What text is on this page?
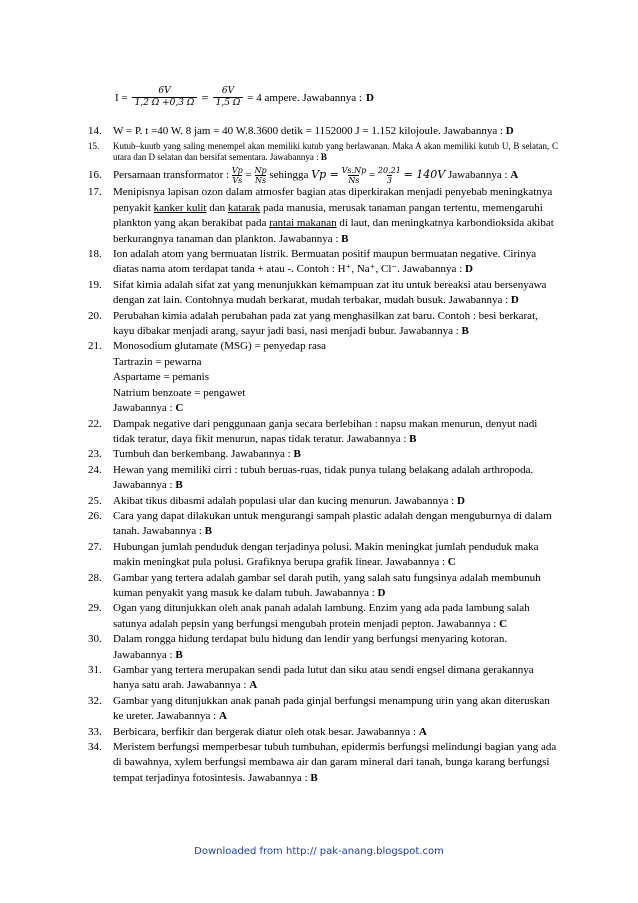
$I = \frac{6V}{1,2 \Omega +0,3 \Omega} = \frac{6V}{1,5 \Omega} = 4$ ampere. Jawabannya : D
14.	W = P. t =40 W. 8 jam = 40 W.8.3600 detik = 1152000 J = 1.152 kilojoule. Jawabannya : D
15.	Kutub–kuutb yang saling menempel akan memiliki kutub yang berlawanan. Maka A akan memiliki kutub U, B selatan, C utara dan D selatan dan bersifat sementara. Jawabannya : B
16.	Persamaan transformator : $\frac{Vp}{Vs} = \frac{Np}{Ns}$ sehingga $Vp = \frac{Vs.Np}{Ns} = \frac{20.21}{3} = 140V$ Jawabannya : A
17.	Menipisnya lapisan ozon dalam atmosfer bagian atas diperkirakan menjadi penyebab meningkatnya penyakit kanker kulit dan katarak pada manusia, merusak tanaman pangan tertentu, memengaruhi plankton yang akan berakibat pada rantai makanan di laut, dan meningkatnya karbondioksida akibat berkurangnya tanaman dan plankton. Jawabannya : B
18.	Ion adalah atom yang bermuatan listrik. Bermuatan positif maupun bermuatan negative. Cirinya diatas nama atom terdapat tanda + atau -. Contoh : H⁺, Na⁺, Cl⁻. Jawabannya : D
19.	Sifat kimia adalah sifat zat yang menunjukkan kemampuan zat itu untuk bereaksi atau bersenyawa dengan zat lain. Contohnya mudah berkarat, mudah terbakar, mudah busuk. Jawabannya : D
20.	Perubahan kimia adalah perubahan pada zat yang menghasilkan zat baru. Contoh : besi berkarat, kayu dibakar menjadi arang, sayur jadi basi, nasi menjadi bubur. Jawabannya : B
21.	Monosodium glutamate (MSG) = penyedap rasa
Tartrazin = pewarna
Aspartame = pemanis
Natrium benzoate = pengawet
Jawabannya : C
22.	Dampak negative dari penggunaan ganja secara berlebihan : napsu makan menurun, denyut nadi tidak teratur, daya fikit menurun, napas tidak teratur. Jawabannya : B
23.	Tumbuh dan berkembang. Jawabannya : B
24.	Hewan yang memiliki cirri : tubuh beruas-ruas, tidak punya tulang belakang adalah arthropoda. Jawabannya : B
25.	Akibat tikus dibasmi adalah populasi ular dan kucing menurun. Jawabannya : D
26.	Cara yang dapat dilakukan untuk mengurangi sampah plastic adalah dengan menguburnya di dalam tanah. Jawabannya : B
27.	Hubungan jumlah penduduk dengan terjadinya polusi. Makin meningkat jumlah penduduk maka makin meningkat pula polusi. Grafiknya berupa grafik linear. Jawabannya : C
28.	Gambar yang tertera adalah gambar sel darah putih, yang salah satu fungsinya adalah membunuh kuman penyakit yang masuk ke dalam tubuh. Jawabannya : D
29.	Ogan yang ditunjukkan oleh anak panah adalah lambung. Enzim yang ada pada lambung salah satunya adalah pepsin yang berfungsi mengubah protein menjadi pepton. Jawabannya : C
30.	Dalam rongga hidung terdapat bulu hidung dan lendir yang berfungsi menyaring kotoran. Jawabannya : B
31.	Gambar yang tertera merupakan sendi pada lutut dan siku atau sendi engsel dimana gerakannya hanya satu arah. Jawabannya : A
32.	Gambar yang ditunjukkan anak panah pada ginjal berfungsi menampung urin yang akan diteruskan ke ureter. Jawabannya : A
33.	Berbicara, berfikir dan bergerak diatur oleh otak besar. Jawabannya : A
34.	Meristem berfungsi memperbesar tubuh tumbuhan, epidermis berfungsi melindungi bagian yang ada di bawahnya, xylem berfungsi membawa air dan garam mineral dari tanah, bunga karang berfungsi tempat terjadinya fotosintesis. Jawabannya : B
Downloaded from http:// pak-anang.blogspot.com
